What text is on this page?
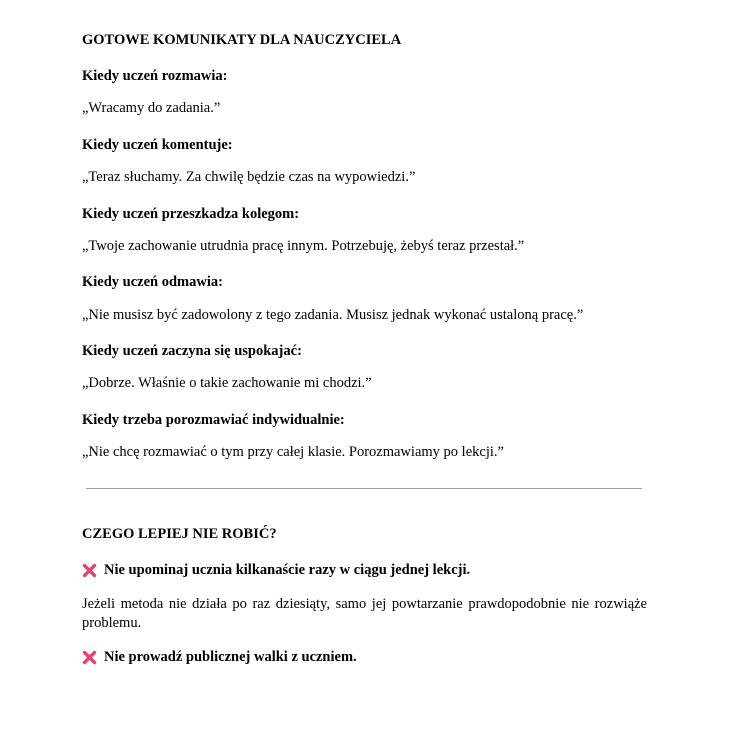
GOTOWE KOMUNIKATY DLA NAUCZYCIELA
Kiedy uczeń rozmawia:
„Wracamy do zadania.”
Kiedy uczeń komentuje:
„Teraz słuchamy. Za chwilę będzie czas na wypowiedzi.”
Kiedy uczeń przeszkadza kolegom:
„Twoje zachowanie utrudnia pracę innym. Potrzebuję, żebyś teraz przestał.”
Kiedy uczeń odmawia:
„Nie musisz być zadowolony z tego zadania. Musisz jednak wykonać ustaloną pracę.”
Kiedy uczeń zaczyna się uspokajać:
„Dobrze. Właśnie o takie zachowanie mi chodzi.”
Kiedy trzeba porozmawiać indywidualnie:
„Nie chcę rozmawiać o tym przy całej klasie. Porozmawiamy po lekcji.”
CZEGO LEPIEJ NIE ROBIĆ?
Nie upominaj ucznia kilkanaście razy w ciągu jednej lekcji.
Jeżeli metoda nie działa po raz dziesiąty, samo jej powtarzanie prawdopodobnie nie rozwiąże problemu.
Nie prowadź publicznej walki z uczniem.
